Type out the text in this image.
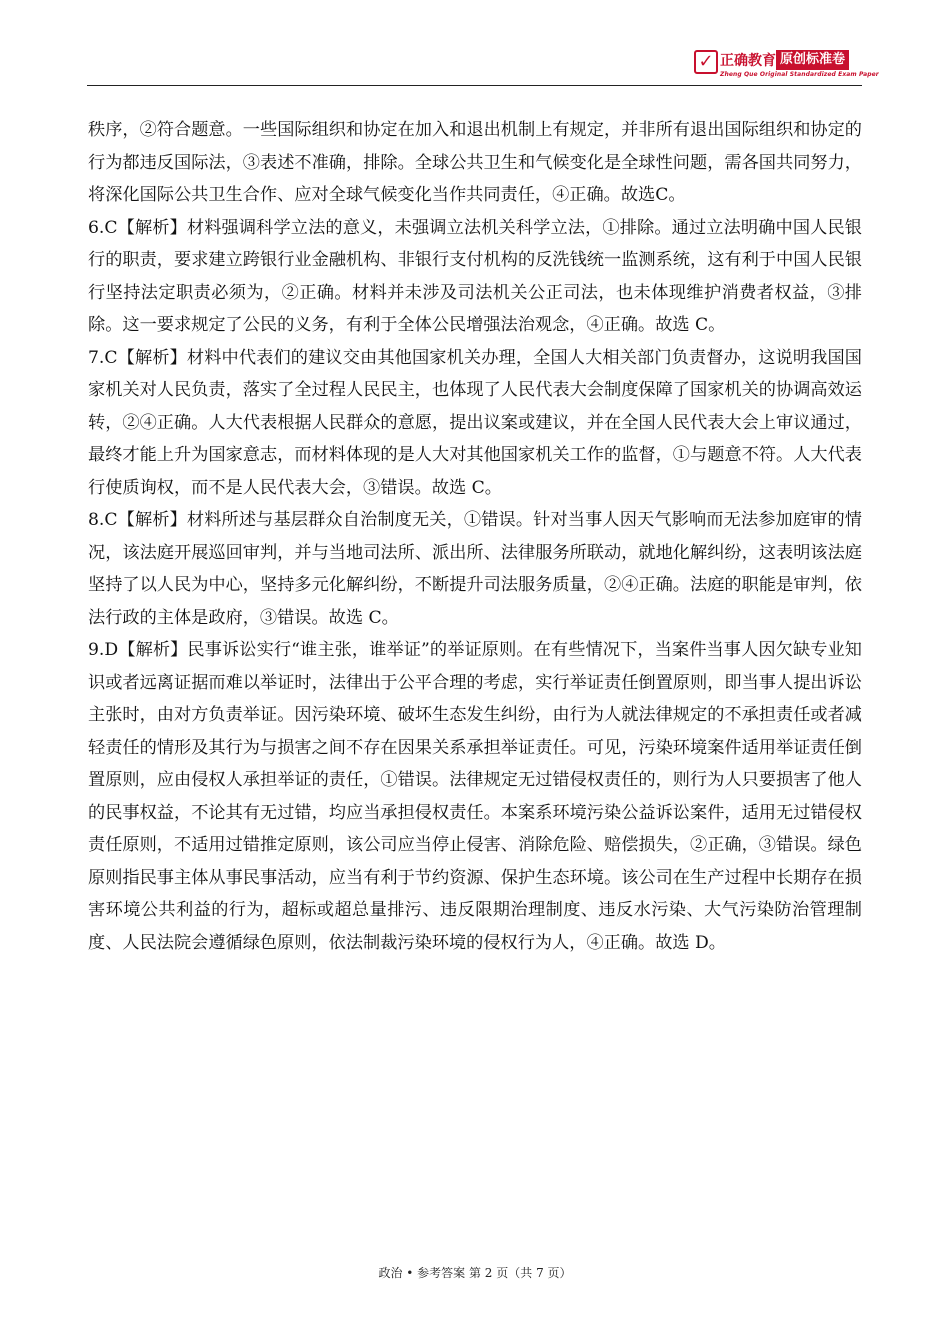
✓ 正确教育 原创标准卷
Zheng Que Original Standardized Exam Paper

秩序，②符合题意。一些国际组织和协定在加入和退出机制上有规定，并非所有退出国际组织和协定的行为都违反国际法，③表述不准确，排除。全球公共卫生和气候变化是全球性问题，需各国共同努力，将深化国际公共卫生合作、应对全球气候变化当作共同责任，④正确。故选C。

6.C【解析】材料强调科学立法的意义，未强调立法机关科学立法，①排除。通过立法明确中国人民银行的职责，要求建立跨银行业金融机构、非银行支付机构的反洗钱统一监测系统，这有利于中国人民银行坚持法定职责必须为，②正确。材料并未涉及司法机关公正司法，也未体现维护消费者权益，③排除。这一要求规定了公民的义务，有利于全体公民增强法治观念，④正确。故选 C。

7.C【解析】材料中代表们的建议交由其他国家机关办理，全国人大相关部门负责督办，这说明我国国家机关对人民负责，落实了全过程人民民主，也体现了人民代表大会制度保障了国家机关的协调高效运转，②④正确。人大代表根据人民群众的意愿，提出议案或建议，并在全国人民代表大会上审议通过，最终才能上升为国家意志，而材料体现的是人大对其他国家机关工作的监督，①与题意不符。人大代表行使质询权，而不是人民代表大会，③错误。故选 C。

8.C【解析】材料所述与基层群众自治制度无关，①错误。针对当事人因天气影响而无法参加庭审的情况，该法庭开展巡回审判，并与当地司法所、派出所、法律服务所联动，就地化解纠纷，这表明该法庭坚持了以人民为中心，坚持多元化解纠纷，不断提升司法服务质量，②④正确。法庭的职能是审判，依法行政的主体是政府，③错误。故选 C。

9.D【解析】民事诉讼实行“谁主张，谁举证”的举证原则。在有些情况下，当案件当事人因欠缺专业知识或者远离证据而难以举证时，法律出于公平合理的考虑，实行举证责任倒置原则，即当事人提出诉讼主张时，由对方负责举证。因污染环境、破坏生态发生纠纷，由行为人就法律规定的不承担责任或者减轻责任的情形及其行为与损害之间不存在因果关系承担举证责任。可见，污染环境案件适用举证责任倒置原则，应由侵权人承担举证的责任，①错误。法律规定无过错侵权责任的，则行为人只要损害了他人的民事权益，不论其有无过错，均应当承担侵权责任。本案系环境污染公益诉讼案件，适用无过错侵权责任原则，不适用过错推定原则，该公司应当停止侵害、消除危险、赔偿损失，②正确，③错误。绿色原则指民事主体从事民事活动，应当有利于节约资源、保护生态环境。该公司在生产过程中长期存在损害环境公共利益的行为，超标或超总量排污、违反限期治理制度、违反水污染、大气污染防治管理制度、人民法院会遵循绿色原则，依法制裁污染环境的侵权行为人，④正确。故选 D。

政治 • 参考答案 第 2 页（共 7 页）
